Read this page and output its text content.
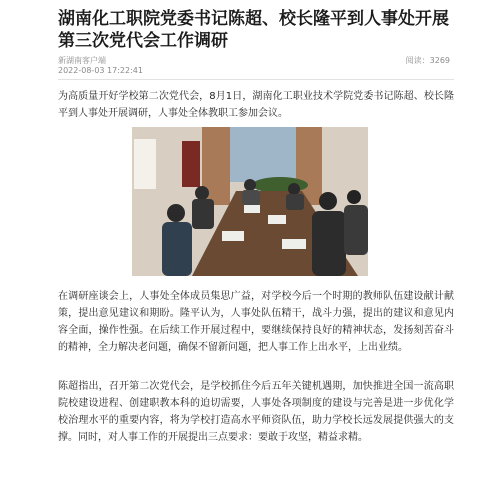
湖南化工职院党委书记陈超、校长隆平到人事处开展第三次党代会工作调研
新湖南客户端
2022-08-03 17:22:41
阅读：3269

为高质量开好学校第二次党代会，8月1日，湖南化工职业技术学院党委书记陈超、校长隆平到人事处开展调研，人事处全体教职工参加会议。

在调研座谈会上，人事处全体成员集思广益，对学校今后一个时期的教师队伍建设献计献策，提出意见建议和期盼。隆平认为，人事处队伍精干，战斗力强，提出的建议和意见内容全面，操作性强。在后续工作开展过程中，要继续保持良好的精神状态，发扬刻苦奋斗的精神，全力解决老问题，确保不留新问题，把人事工作上出水平，上出业绩。

陈超指出，召开第二次党代会，是学校抓住今后五年关键机遇期，加快推进全国一流高职院校建设进程、创建职教本科的迫切需要，人事处各项制度的建设与完善是进一步优化学校治理水平的重要内容，将为学校打造高水平师资队伍，助力学校长远发展提供强大的支撑。同时，对人事工作的开展提出三点要求：要敢于攻坚，精益求精。
